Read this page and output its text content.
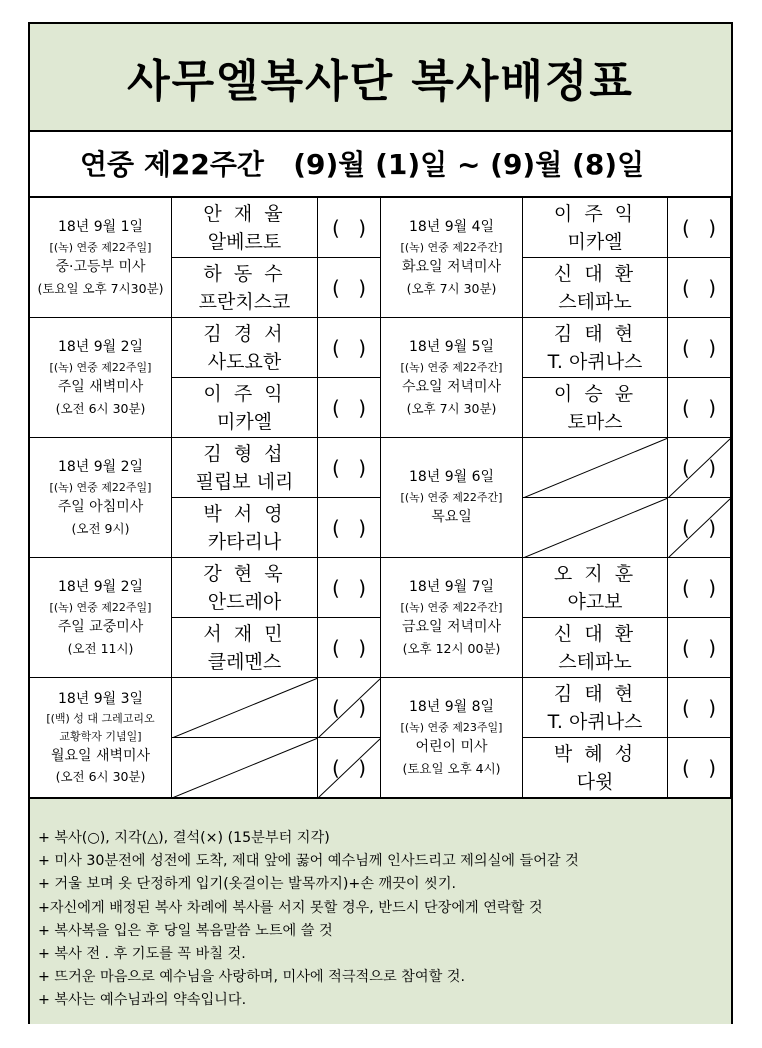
사무엘복사단 복사배정표
연중 제22주간   (9)월 (1)일 ~ (9)월 (8)일
18년 9월 1일
[(녹) 연중 제22주일]
중·고등부 미사
(토요일 오후 7시30분)
안 재 율
알베르토
( )
하 동 수
프란치스코
( )
18년 9월 2일
[(녹) 연중 제22주일]
주일 새벽미사
(오전 6시 30분)
김 경 서
사도요한
( )
이 주 익
미카엘
( )
18년 9월 2일
[(녹) 연중 제22주일]
주일 아침미사
(오전 9시)
김 형 섭
필립보 네리
( )
박 서 영
카타리나
( )
18년 9월 2일
[(녹) 연중 제22주일]
주일 교중미사
(오전 11시)
강 현 욱
안드레아
( )
서 재 민
클레멘스
( )
18년 9월 3일
[(백) 성 대 그레고리오
교황학자 기념일]
월요일 새벽미사
(오전 6시 30분)
( )
( )
18년 9월 4일
[(녹) 연중 제22주간]
화요일 저녁미사
(오후 7시 30분)
이 주 익
미카엘
( )
신 대 환
스테파노
( )
18년 9월 5일
[(녹) 연중 제22주간]
수요일 저녁미사
(오후 7시 30분)
김 태 현
T. 아퀴나스
( )
이 승 윤
토마스
( )
18년 9월 6일
[(녹) 연중 제22주간]
목요일
( )
( )
18년 9월 7일
[(녹) 연중 제22주간]
금요일 저녁미사
(오후 12시 00분)
오 지 훈
야고보
( )
신 대 환
스테파노
( )
18년 9월 8일
[(녹) 연중 제23주일]
어린이 미사
(토요일 오후 4시)
김 태 현
T. 아퀴나스
( )
박 혜 성
다윗
( )
+ 복사(○), 지각(△), 결석(×) (15분부터 지각)
+ 미사 30분전에 성전에 도착, 제대 앞에 꿇어 예수님께 인사드리고 제의실에 들어갈 것
+ 거울 보며 옷 단정하게 입기(옷걸이는 발목까지)+손 깨끗이 씻기.
+자신에게 배정된 복사 차례에 복사를 서지 못할 경우, 반드시 단장에게 연락할 것
+ 복사복을 입은 후 당일 복음말씀 노트에 쓸 것
+ 복사 전 . 후 기도를 꼭 바칠 것.
+ 뜨거운 마음으로 예수님을 사랑하며, 미사에 적극적으로 참여할 것.
+ 복사는 예수님과의 약속입니다.
